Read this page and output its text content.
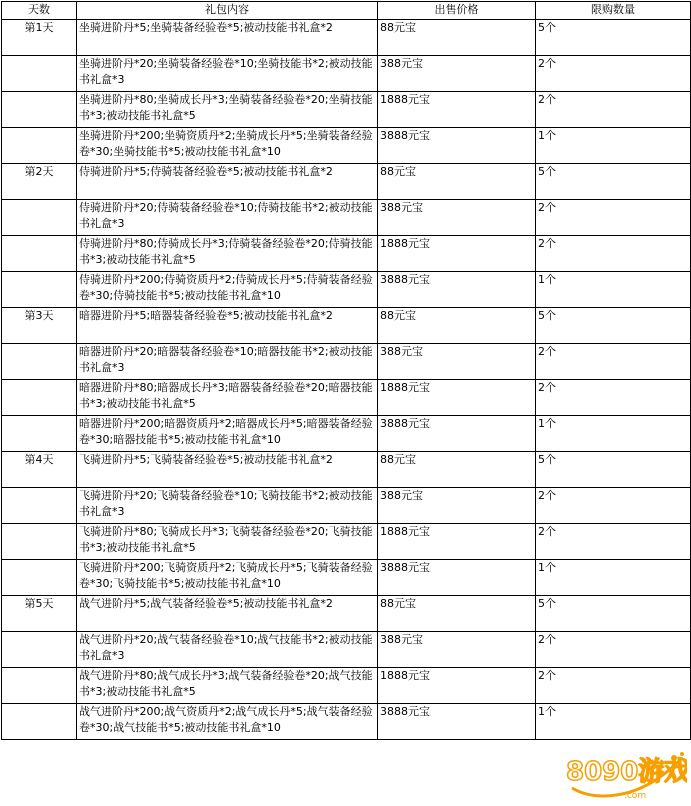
天数	礼包内容	出售价格	限购数量

第1天	坐骑进阶丹*5;坐骑装备经验卷*5;被动技能书礼盒*2	88元宝	5个
	坐骑进阶丹*20;坐骑装备经验卷*10;坐骑技能书*2;被动技能书礼盒*3	388元宝	2个
	坐骑进阶丹*80;坐骑成长丹*3;坐骑装备经验卷*20;坐骑技能书*3;被动技能书礼盒*5	1888元宝	2个
	坐骑进阶丹*200;坐骑资质丹*2;坐骑成长丹*5;坐骑装备经验卷*30;坐骑技能书*5;被动技能书礼盒*10	3888元宝	1个

第2天	侍骑进阶丹*5;侍骑装备经验卷*5;被动技能书礼盒*2	88元宝	5个
	侍骑进阶丹*20;侍骑装备经验卷*10;侍骑技能书*2;被动技能书礼盒*3	388元宝	2个
	侍骑进阶丹*80;侍骑成长丹*3;侍骑装备经验卷*20;侍骑技能书*3;被动技能书礼盒*5	1888元宝	2个
	侍骑进阶丹*200;侍骑资质丹*2;侍骑成长丹*5;侍骑装备经验卷*30;侍骑技能书*5;被动技能书礼盒*10	3888元宝	1个

第3天	暗器进阶丹*5;暗器装备经验卷*5;被动技能书礼盒*2	88元宝	5个
	暗器进阶丹*20;暗器装备经验卷*10;暗器技能书*2;被动技能书礼盒*3	388元宝	2个
	暗器进阶丹*80;暗器成长丹*3;暗器装备经验卷*20;暗器技能书*3;被动技能书礼盒*5	1888元宝	2个
	暗器进阶丹*200;暗器资质丹*2;暗器成长丹*5;暗器装备经验卷*30;暗器技能书*5;被动技能书礼盒*10	3888元宝	1个

第4天	飞骑进阶丹*5;飞骑装备经验卷*5;被动技能书礼盒*2	88元宝	5个
	飞骑进阶丹*20;飞骑装备经验卷*10;飞骑技能书*2;被动技能书礼盒*3	388元宝	2个
	飞骑进阶丹*80;飞骑成长丹*3;飞骑装备经验卷*20;飞骑技能书*3;被动技能书礼盒*5	1888元宝	2个
	飞骑进阶丹*200;飞骑资质丹*2;飞骑成长丹*5;飞骑装备经验卷*30;飞骑技能书*5;被动技能书礼盒*10	3888元宝	1个

第5天	战气进阶丹*5;战气装备经验卷*5;被动技能书礼盒*2	88元宝	5个
	战气进阶丹*20;战气装备经验卷*10;战气技能书*2;被动技能书礼盒*3	388元宝	2个
	战气进阶丹*80;战气成长丹*3;战气装备经验卷*20;战气技能书*3;被动技能书礼盒*5	1888元宝	2个
	战气进阶丹*200;战气资质丹*2;战气成长丹*5;战气装备经验卷*30;战气技能书*5;被动技能书礼盒*10	3888元宝	1个
8090游戏
.com
